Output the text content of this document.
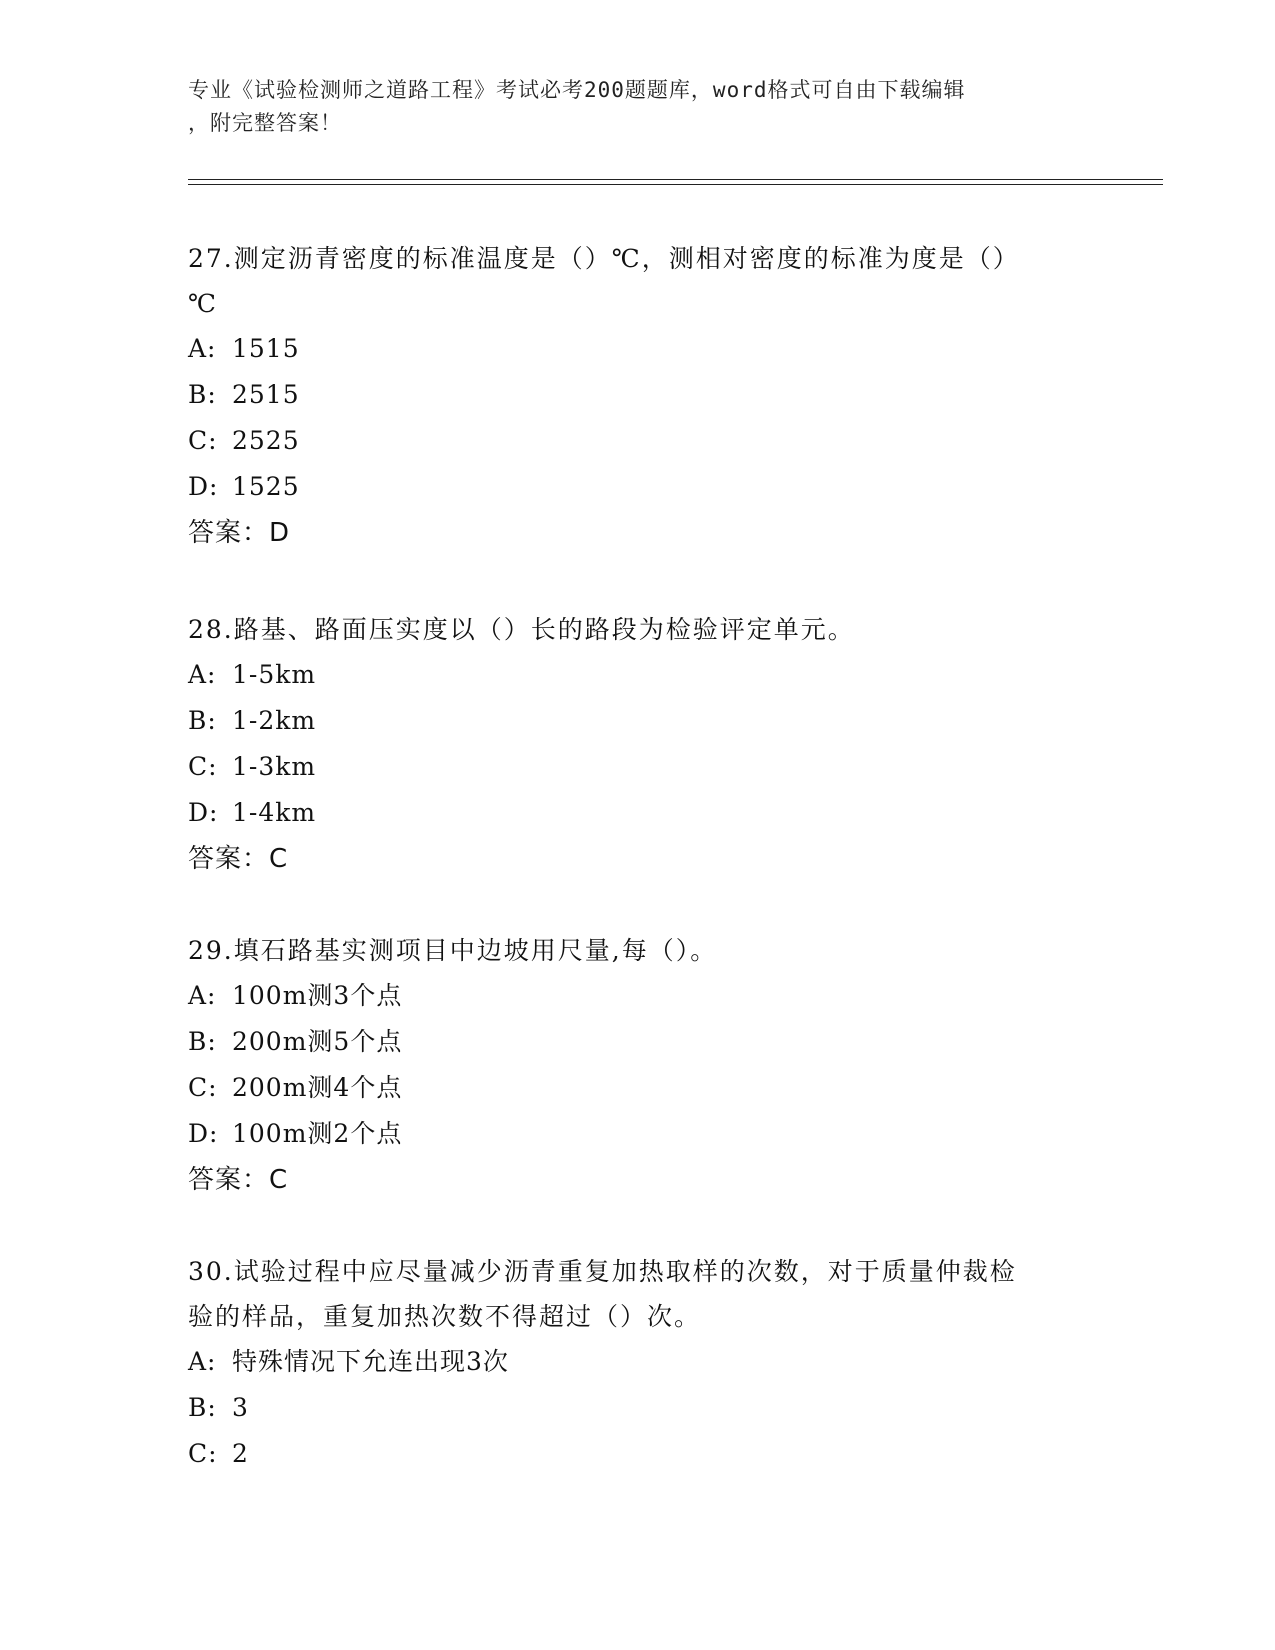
专业《试验检测师之道路工程》考试必考200题题库，word格式可自由下载编辑
，附完整答案！

27.测定沥青密度的标准温度是（）℃，测相对密度的标准为度是（）

℃

A: 1515

B: 2515

C: 2525

D: 1525

答案：D

28.路基、路面压实度以（）长的路段为检验评定单元。

A: 1-5km

B: 1-2km

C: 1-3km

D: 1-4km

答案：C

29.填石路基实测项目中边坡用尺量,每（）。

A: 100m测3个点

B: 200m测5个点

C: 200m测4个点

D: 100m测2个点

答案：C

30.试验过程中应尽量减少沥青重复加热取样的次数，对于质量仲裁检

验的样品，重复加热次数不得超过（）次。

A: 特殊情况下允连出现3次

B: 3

C: 2
